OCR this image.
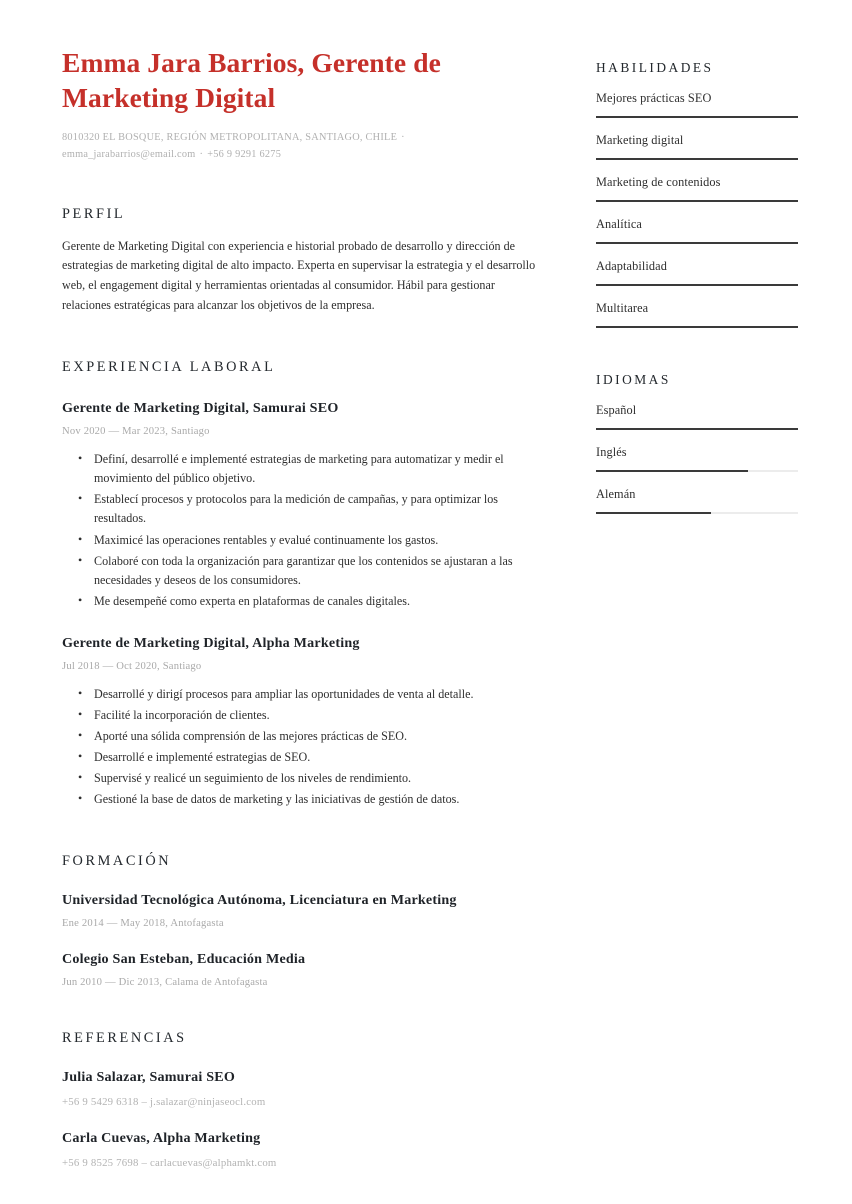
Emma Jara Barrios, Gerente de Marketing Digital
8010320 EL BOSQUE, REGIÓN METROPOLITANA, SANTIAGO, CHILE ·
emma_jarabarrios@email.com · +56 9 9291 6275
PERFIL

Gerente de Marketing Digital con experiencia e historial probado de desarrollo y dirección de estrategias de marketing digital de alto impacto. Experta en supervisar la estrategia y el desarrollo web, el engagement digital y herramientas orientadas al consumidor. Hábil para gestionar relaciones estratégicas para alcanzar los objetivos de la empresa.

EXPERIENCIA LABORAL
Gerente de Marketing Digital, Samurai SEO

Nov 2020 — Mar 2023, Santiago

• Definí, desarrollé e implementé estrategias de marketing para automatizar y medir el movimiento del público objetivo.
• Establecí procesos y protocolos para la medición de campañas, y para optimizar los resultados.
• Maximicé las operaciones rentables y evalué continuamente los gastos.
• Colaboré con toda la organización para garantizar que los contenidos se ajustaran a las necesidades y deseos de los consumidores.
• Me desempeñé como experta en plataformas de canales digitales.
Gerente de Marketing Digital, Alpha Marketing

Jul 2018 — Oct 2020, Santiago

• Desarrollé y dirigí procesos para ampliar las oportunidades de venta al detalle.
• Facilité la incorporación de clientes.
• Aporté una sólida comprensión de las mejores prácticas de SEO.
• Desarrollé e implementé estrategias de SEO.
• Supervisé y realicé un seguimiento de los niveles de rendimiento.
• Gestioné la base de datos de marketing y las iniciativas de gestión de datos.
FORMACIÓN
Universidad Tecnológica Autónoma, Licenciatura en Marketing

Ene 2014 — May 2018, Antofagasta

Colegio San Esteban, Educación Media

Jun 2010 — Dic 2013, Calama de Antofagasta

REFERENCIAS
Julia Salazar, Samurai SEO

+56 9 5429 6318 – j.salazar@ninjaseocl.com

Carla Cuevas, Alpha Marketing

+56 9 8525 7698 – carlacuevas@alphamkt.com

HABILIDADES
Mejores prácticas SEO
Marketing digital
Marketing de contenidos
Analítica
Adaptabilidad
Multitarea
IDIOMAS
Español
Inglés
Alemán
